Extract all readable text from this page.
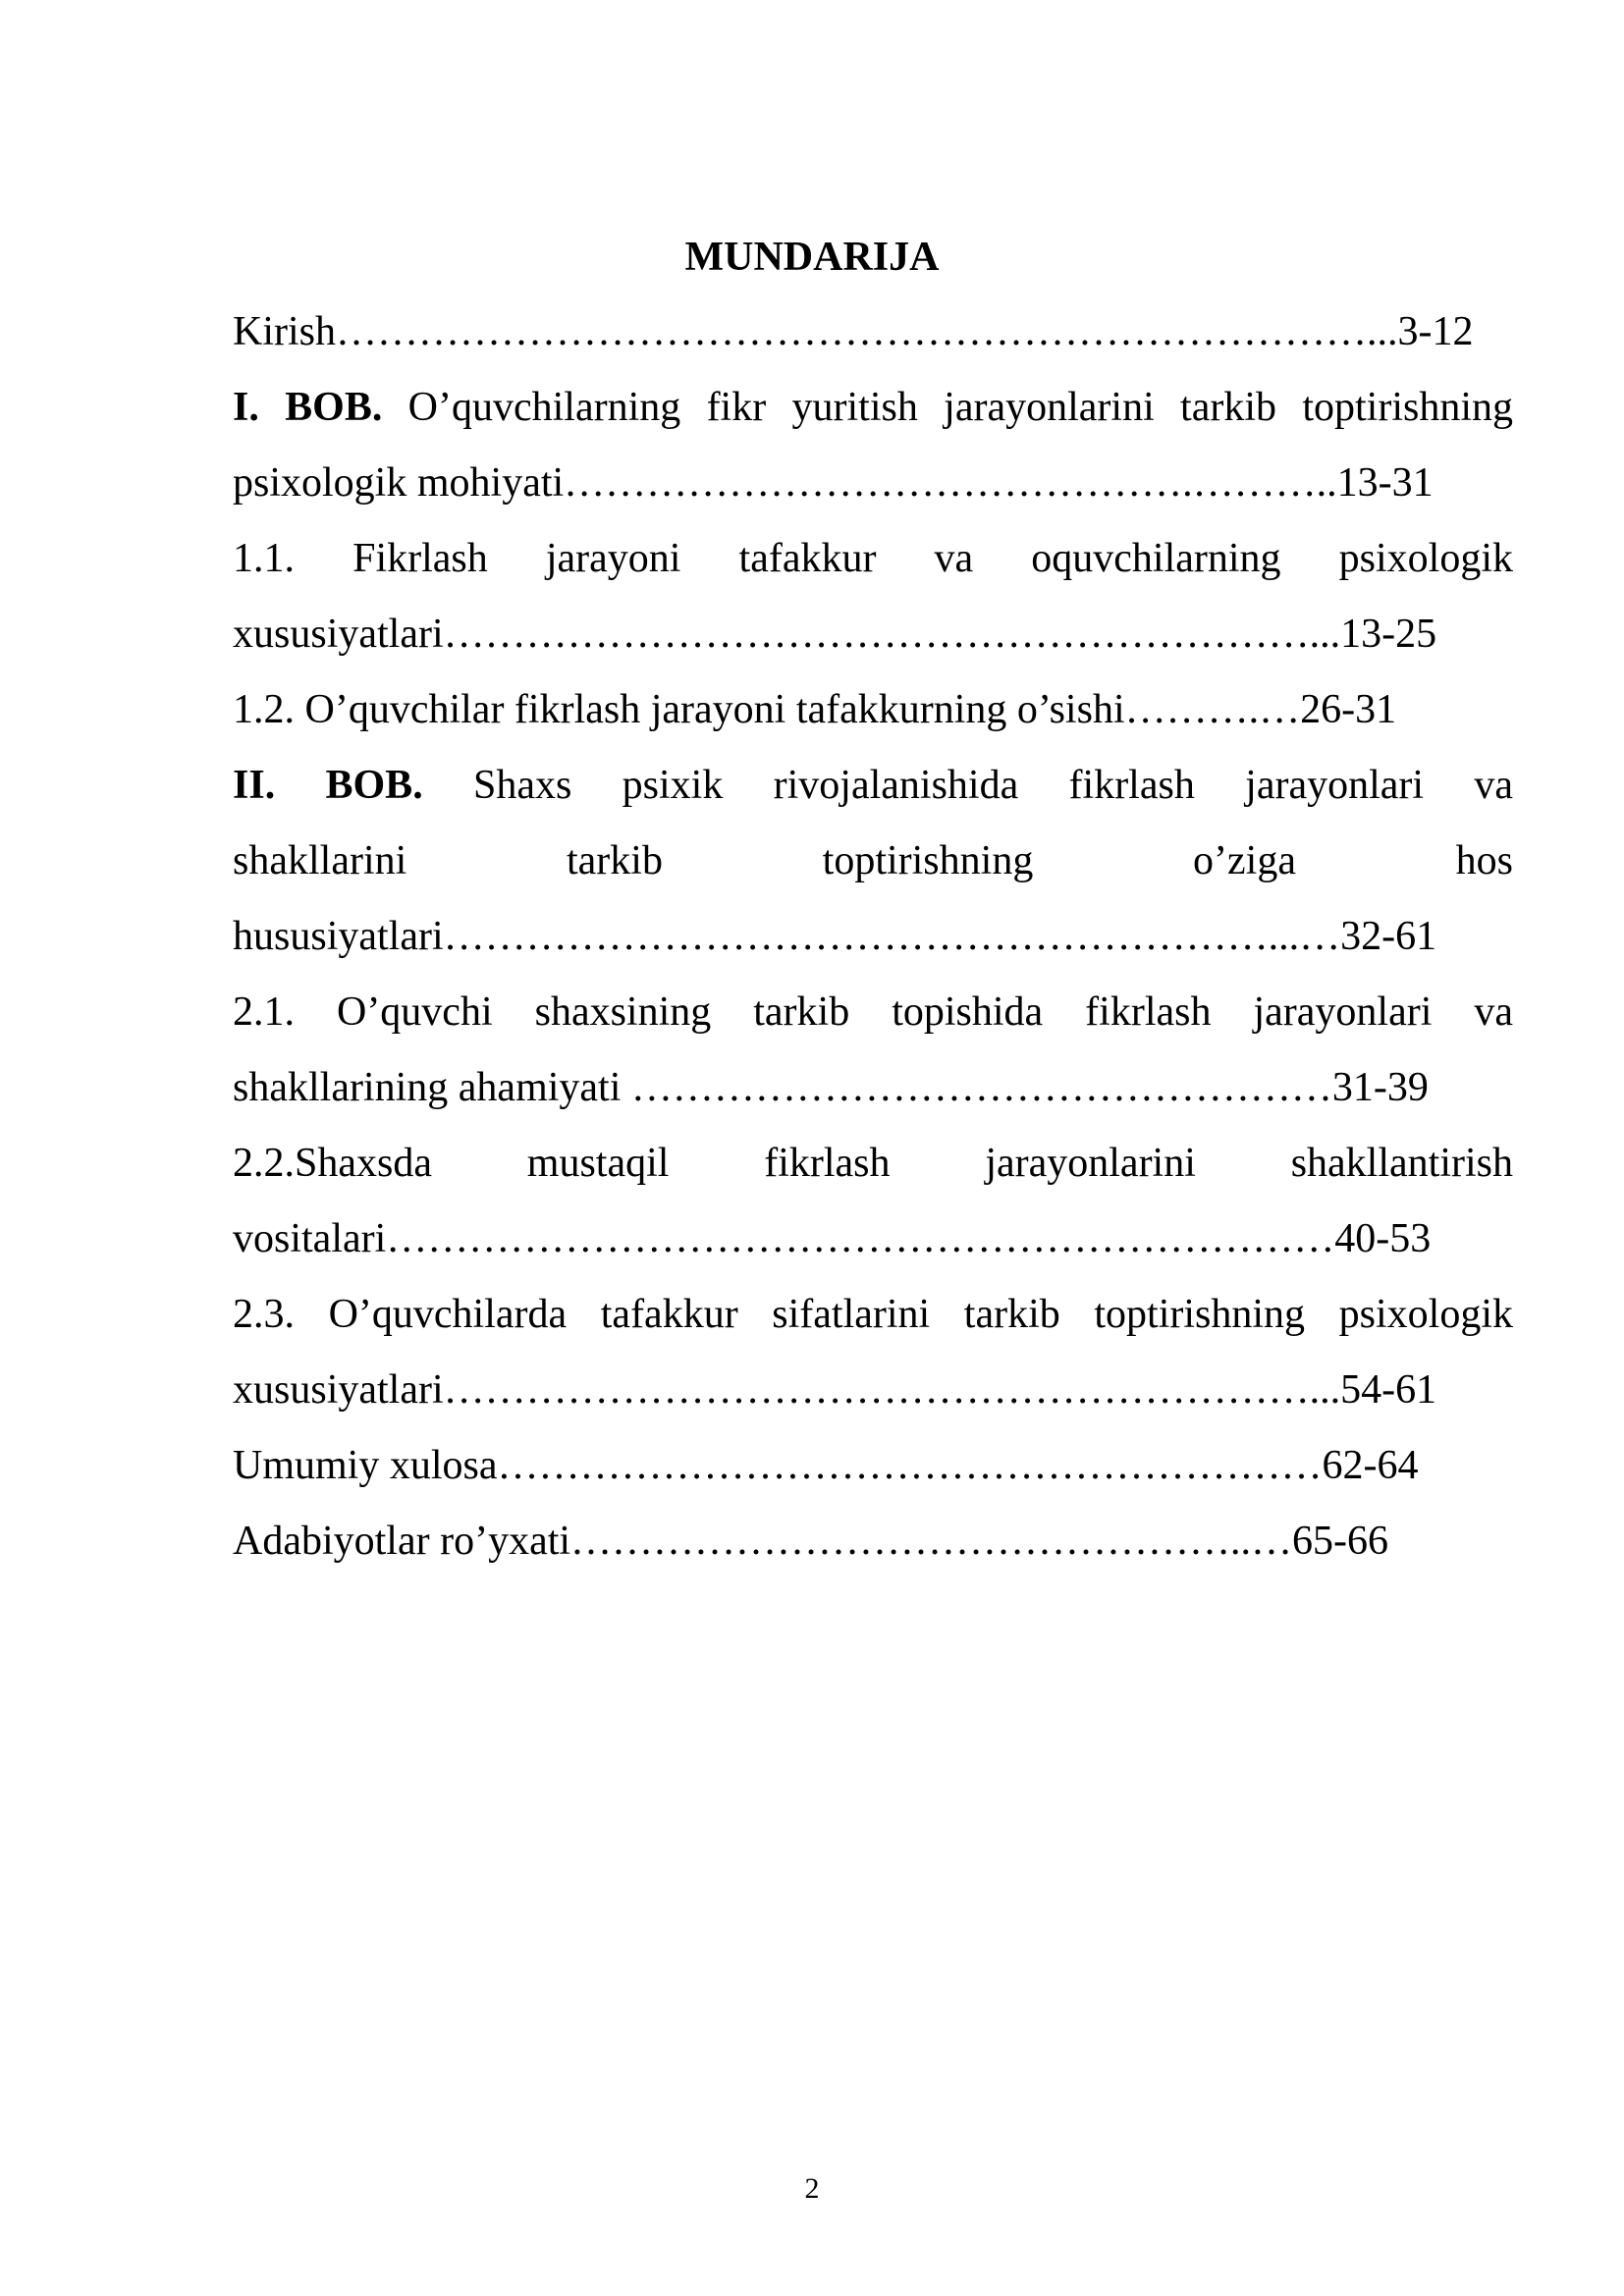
MUNDARIJA
Kirish…………………………………………………………………...3-12
I. BOB. O’quvchilarning fikr yuritish jarayonlarini tarkib toptirishning
psixologik mohiyati……………………………………….………..13-31
1.1. Fikrlash jarayoni tafakkur va oquvchilarning psixologik
xususiyatlari………………………………………………………...13-25
1.2. O’quvchilar fikrlash jarayoni tafakkurning o’sishi……….…26-31
II. BOB. Shaxs psixik rivojalanishida fikrlash jarayonlari va
shakllarini tarkib toptirishning o’ziga hos
hususiyatlari……………………………………………………...…32-61
2.1. O’quvchi shaxsining tarkib topishida fikrlash jarayonlari va
shakllarining ahamiyati ……………………………………………31-39
2.2.Shaxsda mustaqil fikrlash jarayonlarini shakllantirish
vositalari……………………………………………………………40-53
2.3. O’quvchilarda tafakkur sifatlarini tarkib toptirishning psixologik
xususiyatlari………………………………………………………...54-61
Umumiy xulosa……………………………………………………62-64
Adabiyotlar ro’yxati…………………………………………..…65-66
2
